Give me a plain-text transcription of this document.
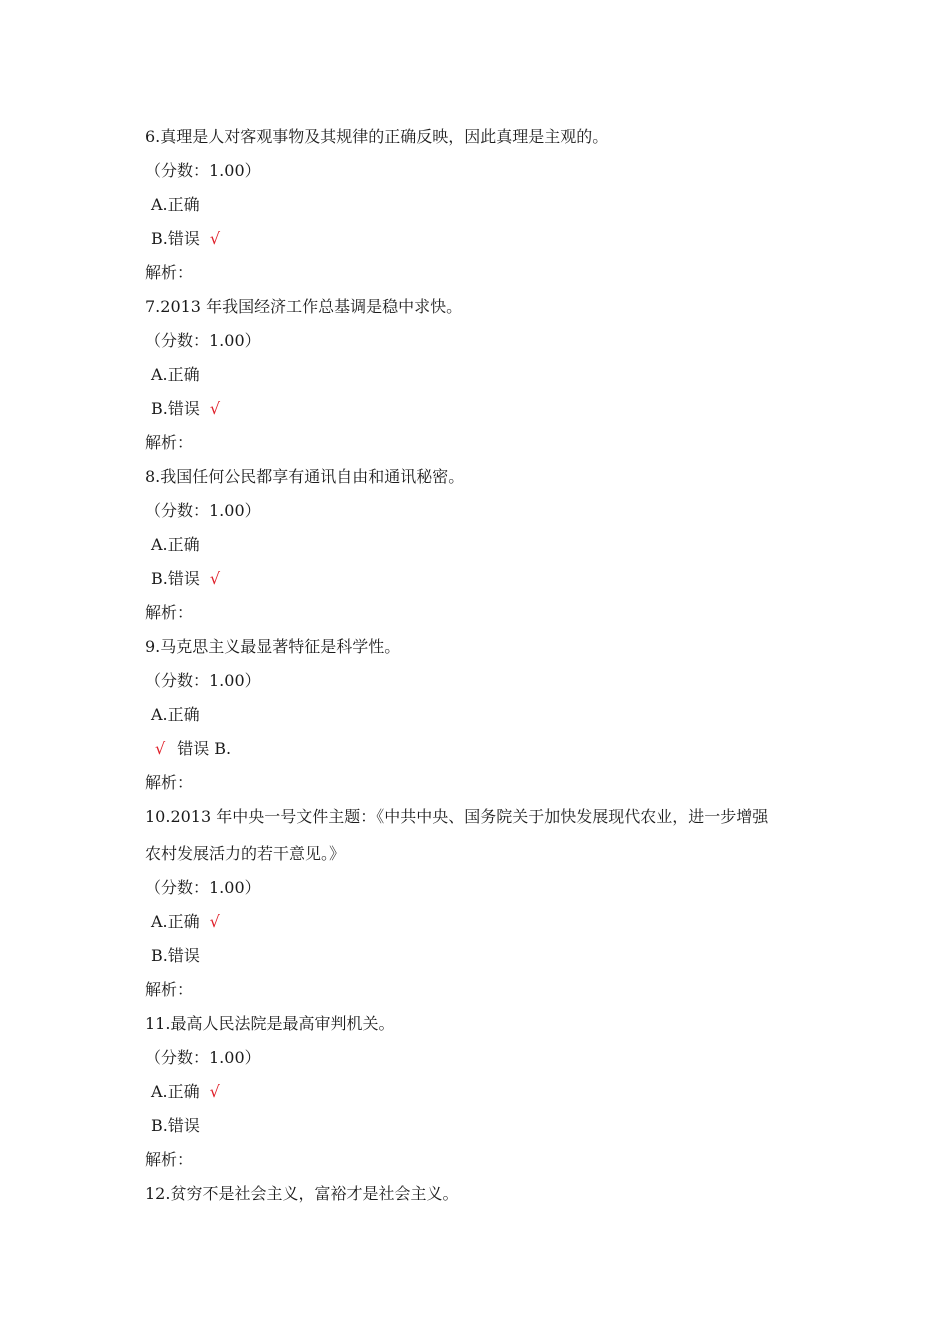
6.真理是人对客观事物及其规律的正确反映，因此真理是主观的。
（分数：1.00）
A.正确
B.错误 √
解析：
7.2013 年我国经济工作总基调是稳中求快。
（分数：1.00）
A.正确
B.错误 √
解析：
8.我国任何公民都享有通讯自由和通讯秘密。
（分数：1.00）
A.正确
B.错误 √
解析：
9.马克思主义最显著特征是科学性。
（分数：1.00）
A.正确
√ 错误 B.
解析：
10.2013 年中央一号文件主题：《中共中央、国务院关于加快发展现代农业，进一步增强
农村发展活力的若干意见。》
（分数：1.00）
A.正确 √
B.错误
解析：
11.最高人民法院是最高审判机关。
（分数：1.00）
A.正确 √
B.错误
解析：
12.贫穷不是社会主义，富裕才是社会主义。
